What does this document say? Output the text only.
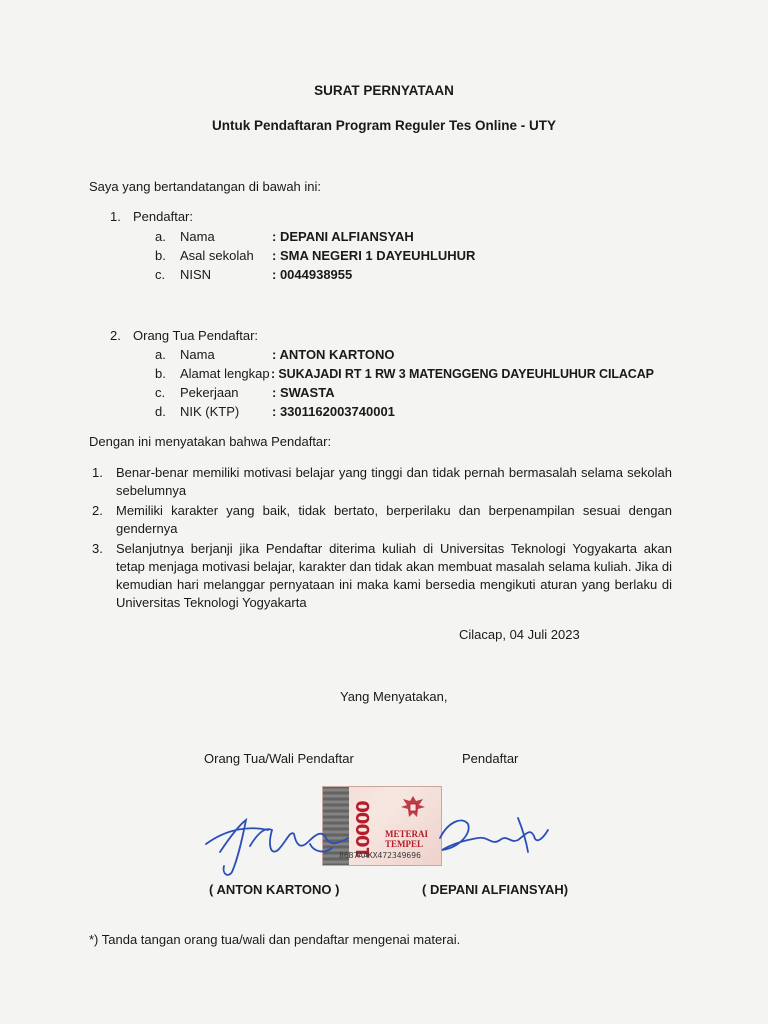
SURAT PERNYATAAN
Untuk Pendaftaran Program Reguler Tes Online - UTY
Saya yang bertandatangan di bawah ini:
1. Pendaftar:
a. Nama	: DEPANI ALFIANSYAH
b. Asal sekolah : SMA NEGERI 1 DAYEUHLUHUR
c. NISN	: 0044938955
2. Orang Tua Pendaftar:
a. Nama	: ANTON KARTONO
b. Alamat lengkap : SUKAJADI RT 1 RW 3 MATENGGENG DAYEUHLUHUR CILACAP
c. Pekerjaan	: SWASTA
d. NIK (KTP)	: 3301162003740001
Dengan ini menyatakan bahwa Pendaftar:
1. Benar-benar memiliki motivasi belajar yang tinggi dan tidak pernah bermasalah selama sekolah sebelumnya
2. Memiliki karakter yang baik, tidak bertato, berperilaku dan berpenampilan sesuai dengan gendernya
3. Selanjutnya berjanji jika Pendaftar diterima kuliah di Universitas Teknologi Yogyakarta akan tetap menjaga motivasi belajar, karakter dan tidak akan membuat masalah selama kuliah. Jika di kemudian hari melanggar pernyataan ini maka kami bersedia mengikuti aturan yang berlaku di Universitas Teknologi Yogyakarta
Cilacap, 04 Juli 2023
Yang Menyatakan,
Orang Tua/Wali Pendaftar	Pendaftar
10000	METERAI
TEMPEL
86B7AAKX472349696
( ANTON KARTONO )	( DEPANI ALFIANSYAH)
*) Tanda tangan orang tua/wali dan pendaftar mengenai materai.
